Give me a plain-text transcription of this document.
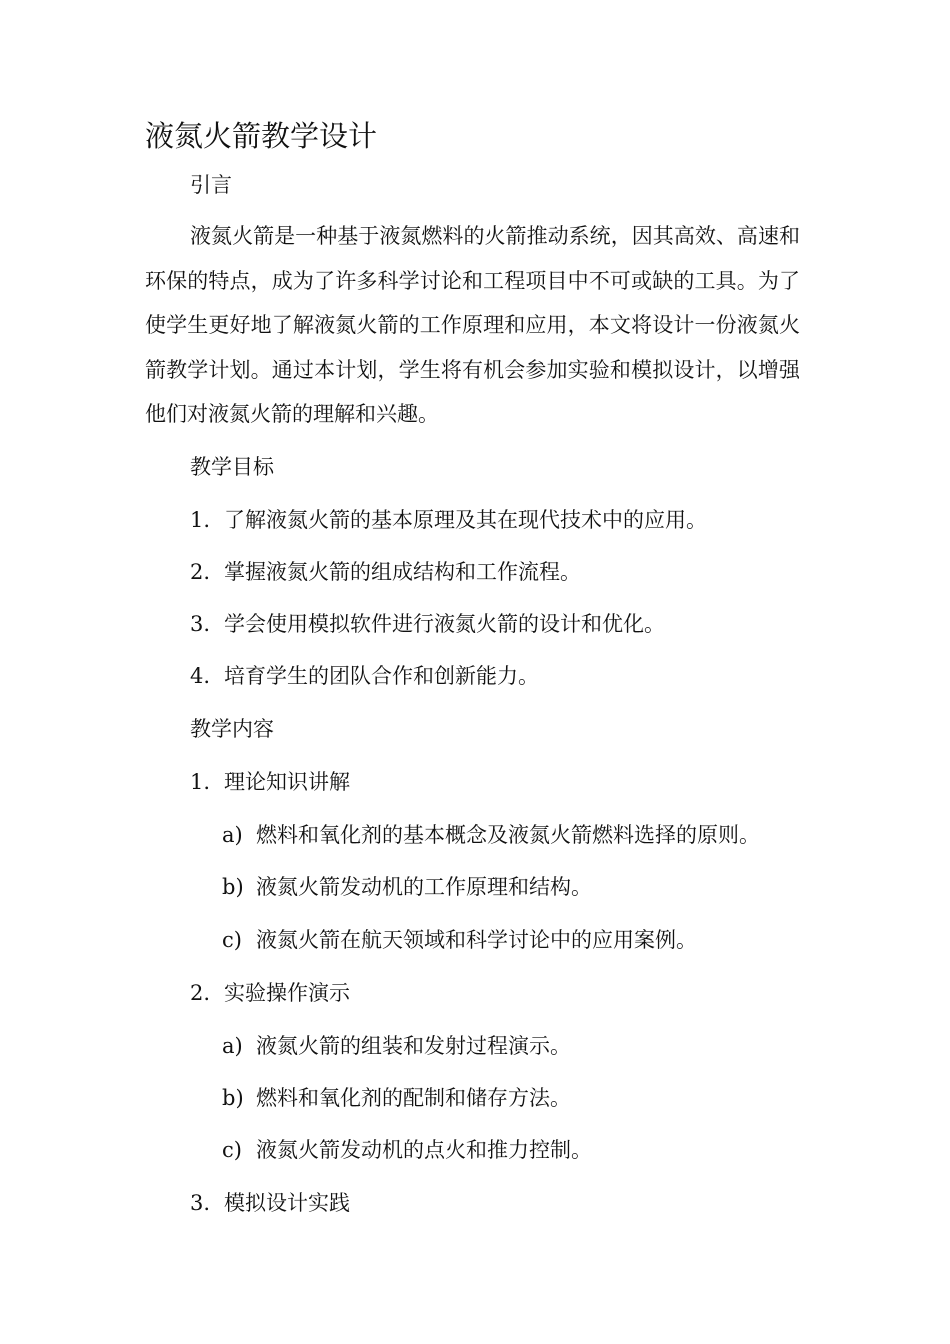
液氮火箭教学设计

引言

液氮火箭是一种基于液氮燃料的火箭推动系统，因其高效、高速和环保的特点，成为了许多科学讨论和工程项目中不可或缺的工具。为了使学生更好地了解液氮火箭的工作原理和应用，本文将设计一份液氮火箭教学计划。通过本计划，学生将有机会参加实验和模拟设计，以增强他们对液氮火箭的理解和兴趣。

教学目标

1. 了解液氮火箭的基本原理及其在现代技术中的应用。

2. 掌握液氮火箭的组成结构和工作流程。

3. 学会使用模拟软件进行液氮火箭的设计和优化。

4. 培育学生的团队合作和创新能力。

教学内容

1. 理论知识讲解

a) 燃料和氧化剂的基本概念及液氮火箭燃料选择的原则。

b) 液氮火箭发动机的工作原理和结构。

c) 液氮火箭在航天领域和科学讨论中的应用案例。

2. 实验操作演示

a) 液氮火箭的组装和发射过程演示。

b) 燃料和氧化剂的配制和储存方法。

c) 液氮火箭发动机的点火和推力控制。

3. 模拟设计实践
